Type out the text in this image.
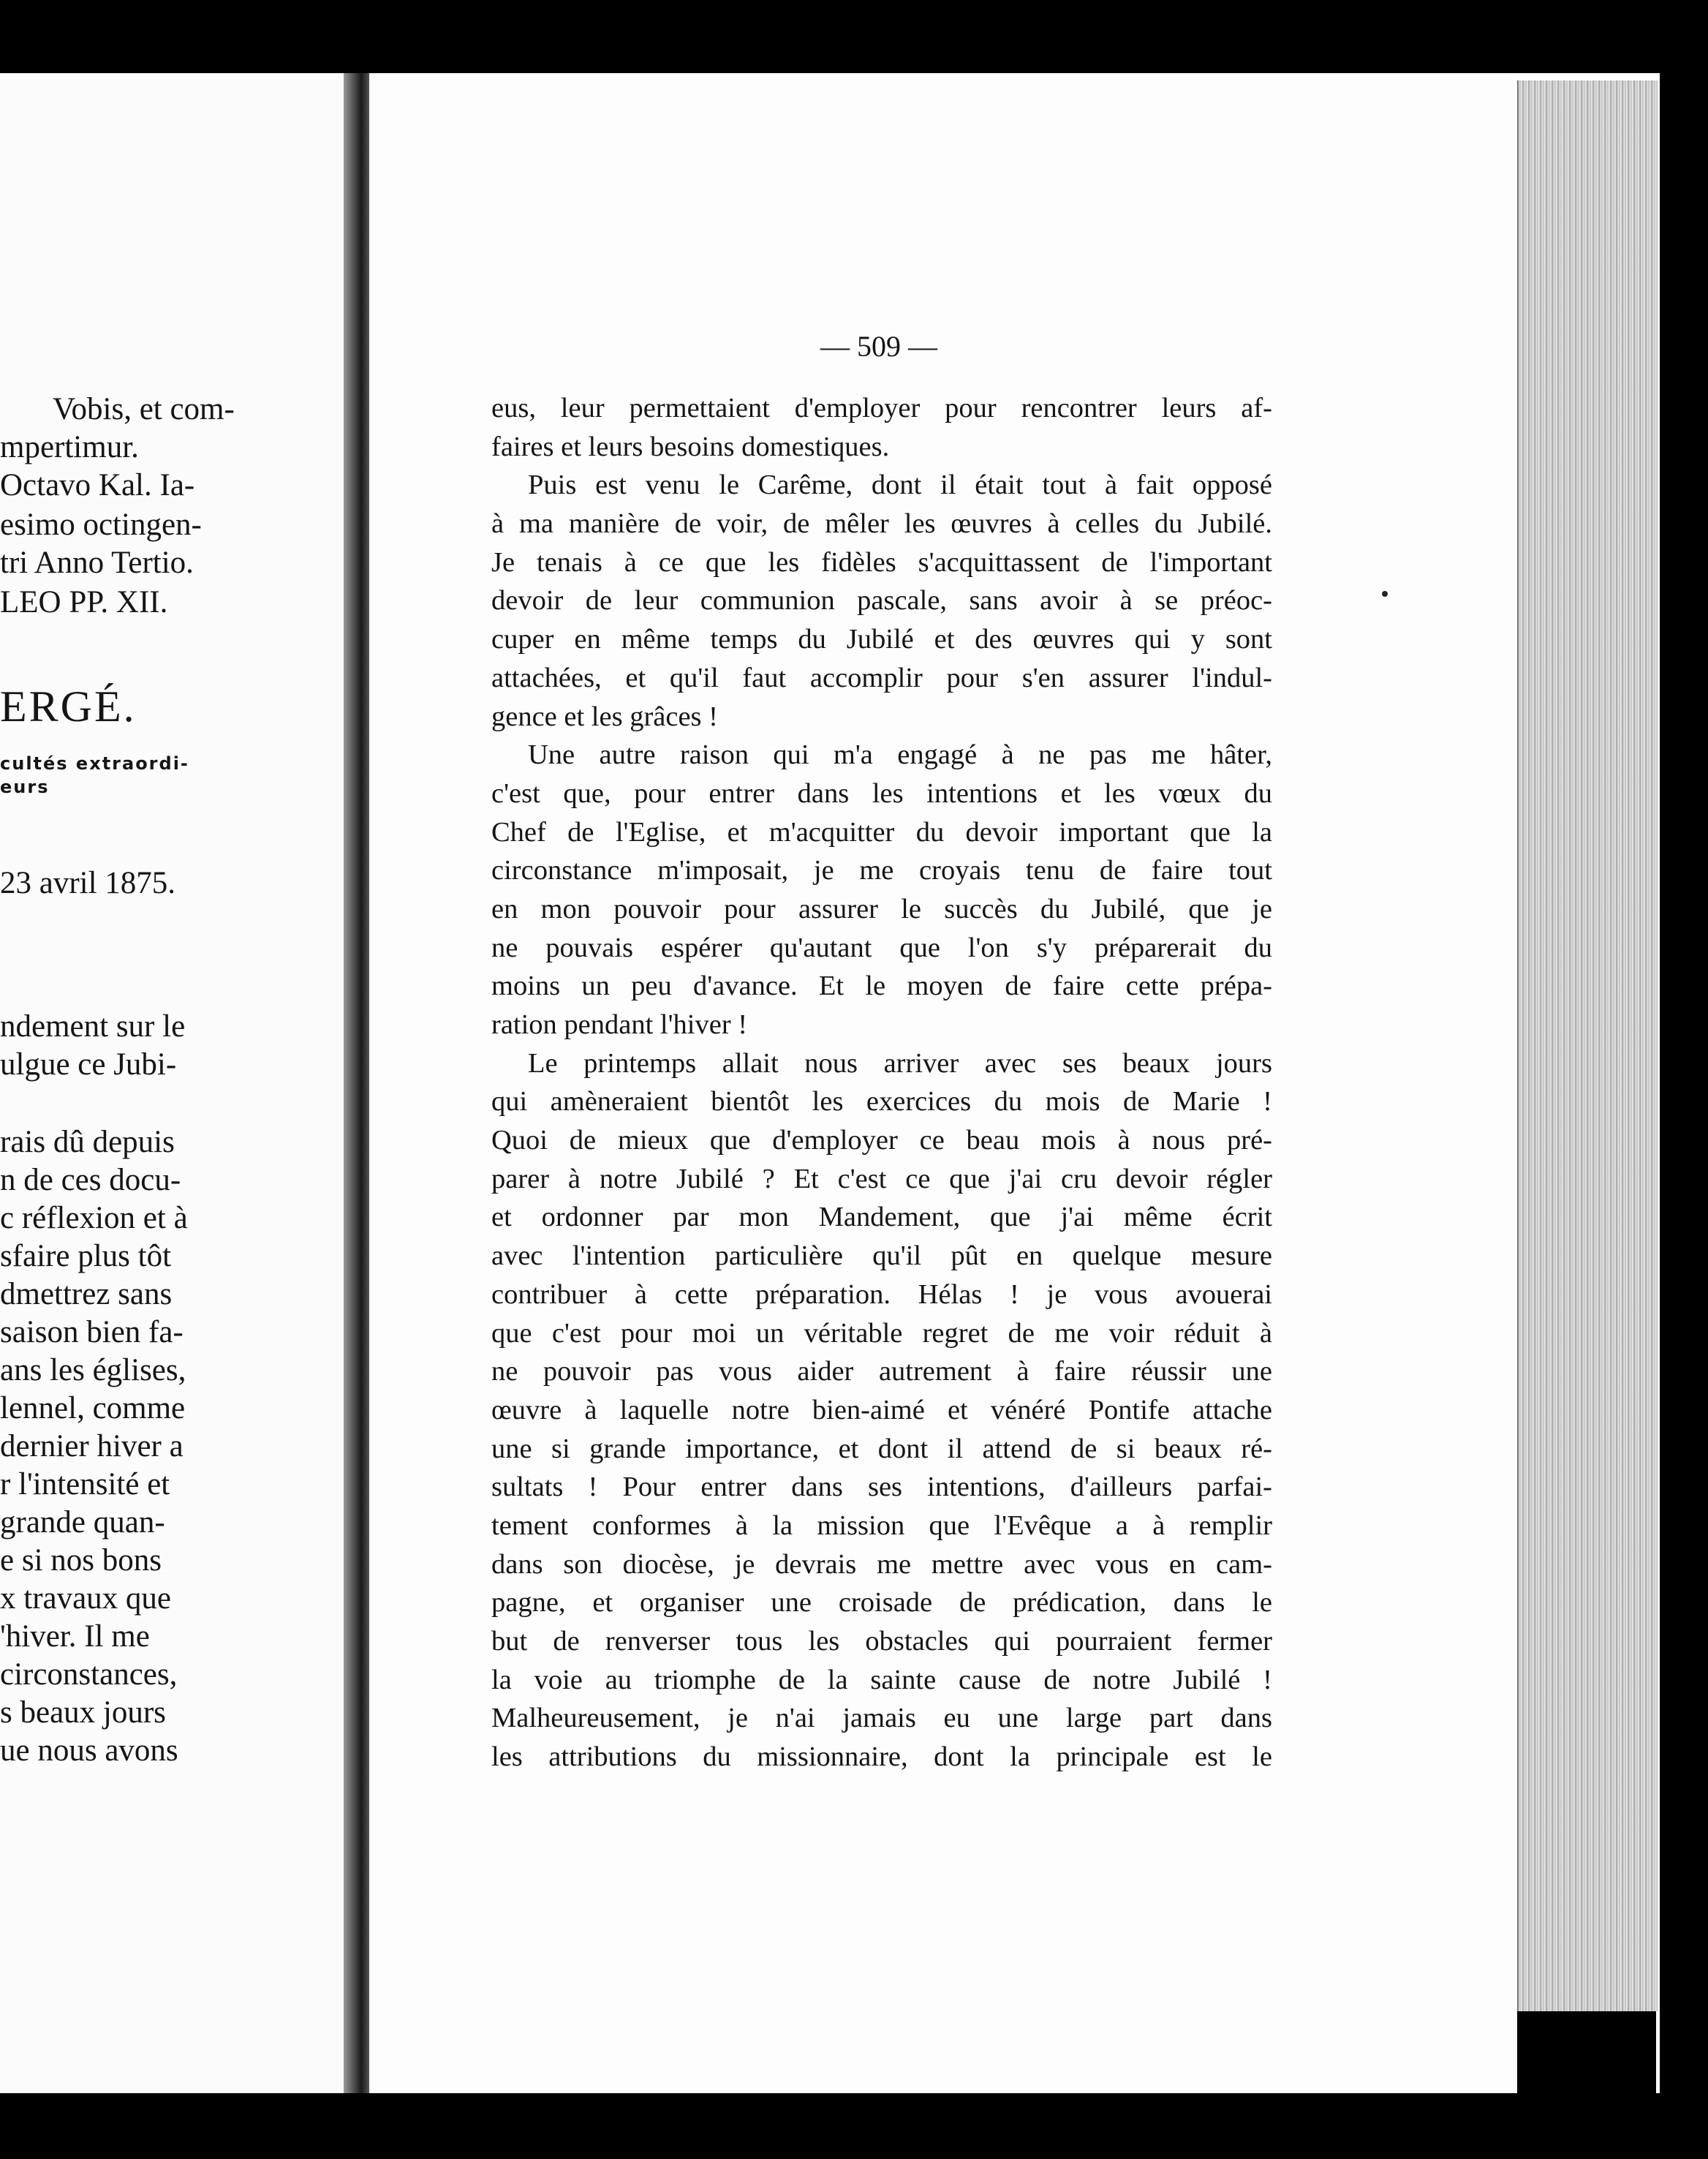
Vobis, et com-
mpertimur.
Octavo Kal. Ia-
esimo octingen-
tri Anno Tertio.
LEO PP. XII.
ERGÉ.
cultés extraordi-
eurs
23 avril 1875.
ndement sur le
ulgue ce Jubi-
rais dû depuis
n de ces docu-
c réflexion et à
sfaire plus tôt
dmettrez sans
saison bien fa-
ans les églises,
lennel, comme
dernier hiver a
r l'intensité et
grande quan-
e si nos bons
x travaux que
'hiver. Il me
circonstances,
s beaux jours
ue nous avons
— 509 —
eus, leur permettaient d'employer pour rencontrer leurs af-
faires et leurs besoins domestiques.
Puis est venu le Carême, dont il était tout à fait opposé
à ma manière de voir, de mêler les œuvres à celles du Jubilé.
Je tenais à ce que les fidèles s'acquittassent de l'important
devoir de leur communion pascale, sans avoir à se préoc-
cuper en même temps du Jubilé et des œuvres qui y sont
attachées, et qu'il faut accomplir pour s'en assurer l'indul-
gence et les grâces !
Une autre raison qui m'a engagé à ne pas me hâter,
c'est que, pour entrer dans les intentions et les vœux du
Chef de l'Eglise, et m'acquitter du devoir important que la
circonstance m'imposait, je me croyais tenu de faire tout
en mon pouvoir pour assurer le succès du Jubilé, que je
ne pouvais espérer qu'autant que l'on s'y préparerait du
moins un peu d'avance. Et le moyen de faire cette prépa-
ration pendant l'hiver !
Le printemps allait nous arriver avec ses beaux jours
qui amèneraient bientôt les exercices du mois de Marie !
Quoi de mieux que d'employer ce beau mois à nous pré-
parer à notre Jubilé ? Et c'est ce que j'ai cru devoir régler
et ordonner par mon Mandement, que j'ai même écrit
avec l'intention particulière qu'il pût en quelque mesure
contribuer à cette préparation. Hélas ! je vous avouerai
que c'est pour moi un véritable regret de me voir réduit à
ne pouvoir pas vous aider autrement à faire réussir une
œuvre à laquelle notre bien-aimé et vénéré Pontife attache
une si grande importance, et dont il attend de si beaux ré-
sultats ! Pour entrer dans ses intentions, d'ailleurs parfai-
tement conformes à la mission que l'Evêque a à remplir
dans son diocèse, je devrais me mettre avec vous en cam-
pagne, et organiser une croisade de prédication, dans le
but de renverser tous les obstacles qui pourraient fermer
la voie au triomphe de la sainte cause de notre Jubilé !
Malheureusement, je n'ai jamais eu une large part dans
les attributions du missionnaire, dont la principale est le
